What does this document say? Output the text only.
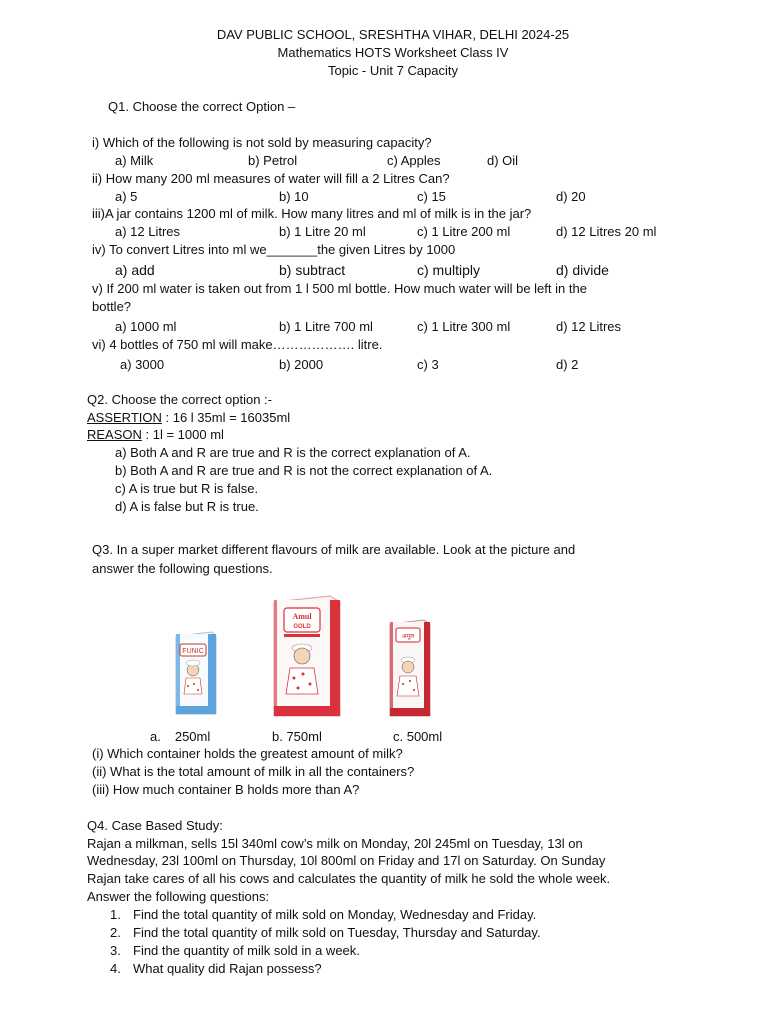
DAV PUBLIC SCHOOL, SRESHTHA VIHAR, DELHI 2024-25
Mathematics HOTS Worksheet Class IV
Topic - Unit 7 Capacity
Q1. Choose the correct Option –
i) Which of the following is not sold by measuring capacity?
a) Milk	b) Petrol	c) Apples	d) Oil
ii) How many 200 ml measures of water will fill a 2 Litres Can?
a) 5	b) 10	c) 15	d) 20
iii)A jar contains 1200 ml of milk. How many litres and ml of milk is in the jar?
a) 12 Litres	b) 1 Litre 20 ml	c) 1 Litre 200 ml	d) 12 Litres 20 ml
iv) To convert Litres into ml we_______the given Litres by 1000
a) add	b) subtract	c) multiply	d) divide
v) If 200 ml water is taken out from 1 l 500 ml bottle. How much water will be left in the
bottle?
a) 1000 ml	b) 1 Litre 700 ml	c) 1 Litre 300 ml	d) 12 Litres
vi) 4 bottles of 750 ml will make………………. litre.
a) 3000	b) 2000	c) 3	d) 2
Q2. Choose the correct option :-
ASSERTION : 16 l 35ml = 16035ml
REASON : 1l = 1000 ml
a) Both A and R are true and R is the correct explanation of A.
b) Both A and R are true and R is not the correct explanation of A.
c) A is true but R is false.
d) A is false but R is true.
Q3. In a super market different flavours of milk are available. Look at the picture and
answer the following questions.
FUNIC
Amul
GOLD
अमूल
a. 250ml	b. 750ml	c. 500ml
(i) Which container holds the greatest amount of milk?
(ii) What is the total amount of milk in all the containers?
(iii) How much container B holds more than A?
Q4. Case Based Study:
Rajan a milkman, sells 15l 340ml cow’s milk on Monday, 20l 245ml on Tuesday, 13l on
Wednesday, 23l 100ml on Thursday, 10l 800ml on Friday and 17l on Saturday. On Sunday
Rajan take cares of all his cows and calculates the quantity of milk he sold the whole week.
Answer the following questions:
1. Find the total quantity of milk sold on Monday, Wednesday and Friday.
2. Find the total quantity of milk sold on Tuesday, Thursday and Saturday.
3. Find the quantity of milk sold in a week.
4. What quality did Rajan possess?
